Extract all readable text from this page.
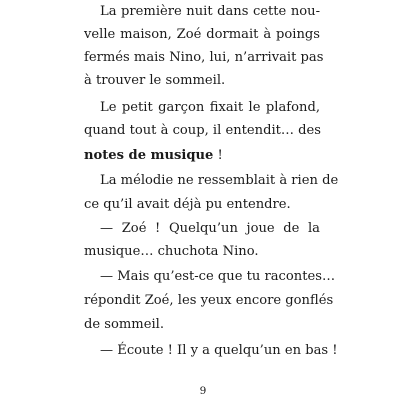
La première nuit dans cette nou-
velle maison, Zoé dormait à poings
fermés mais Nino, lui, n’arrivait pas
à trouver le sommeil.
Le petit garçon fixait le plafond,
quand tout à coup, il entendit… des
notes de musique !
La mélodie ne ressemblait à rien de
ce qu’il avait déjà pu entendre.
— Zoé ! Quelqu’un joue de la
musique… chuchota Nino.
— Mais qu’est-ce que tu racontes…
répondit Zoé, les yeux encore gonflés
de sommeil.
— Écoute ! Il y a quelqu’un en bas !
9
